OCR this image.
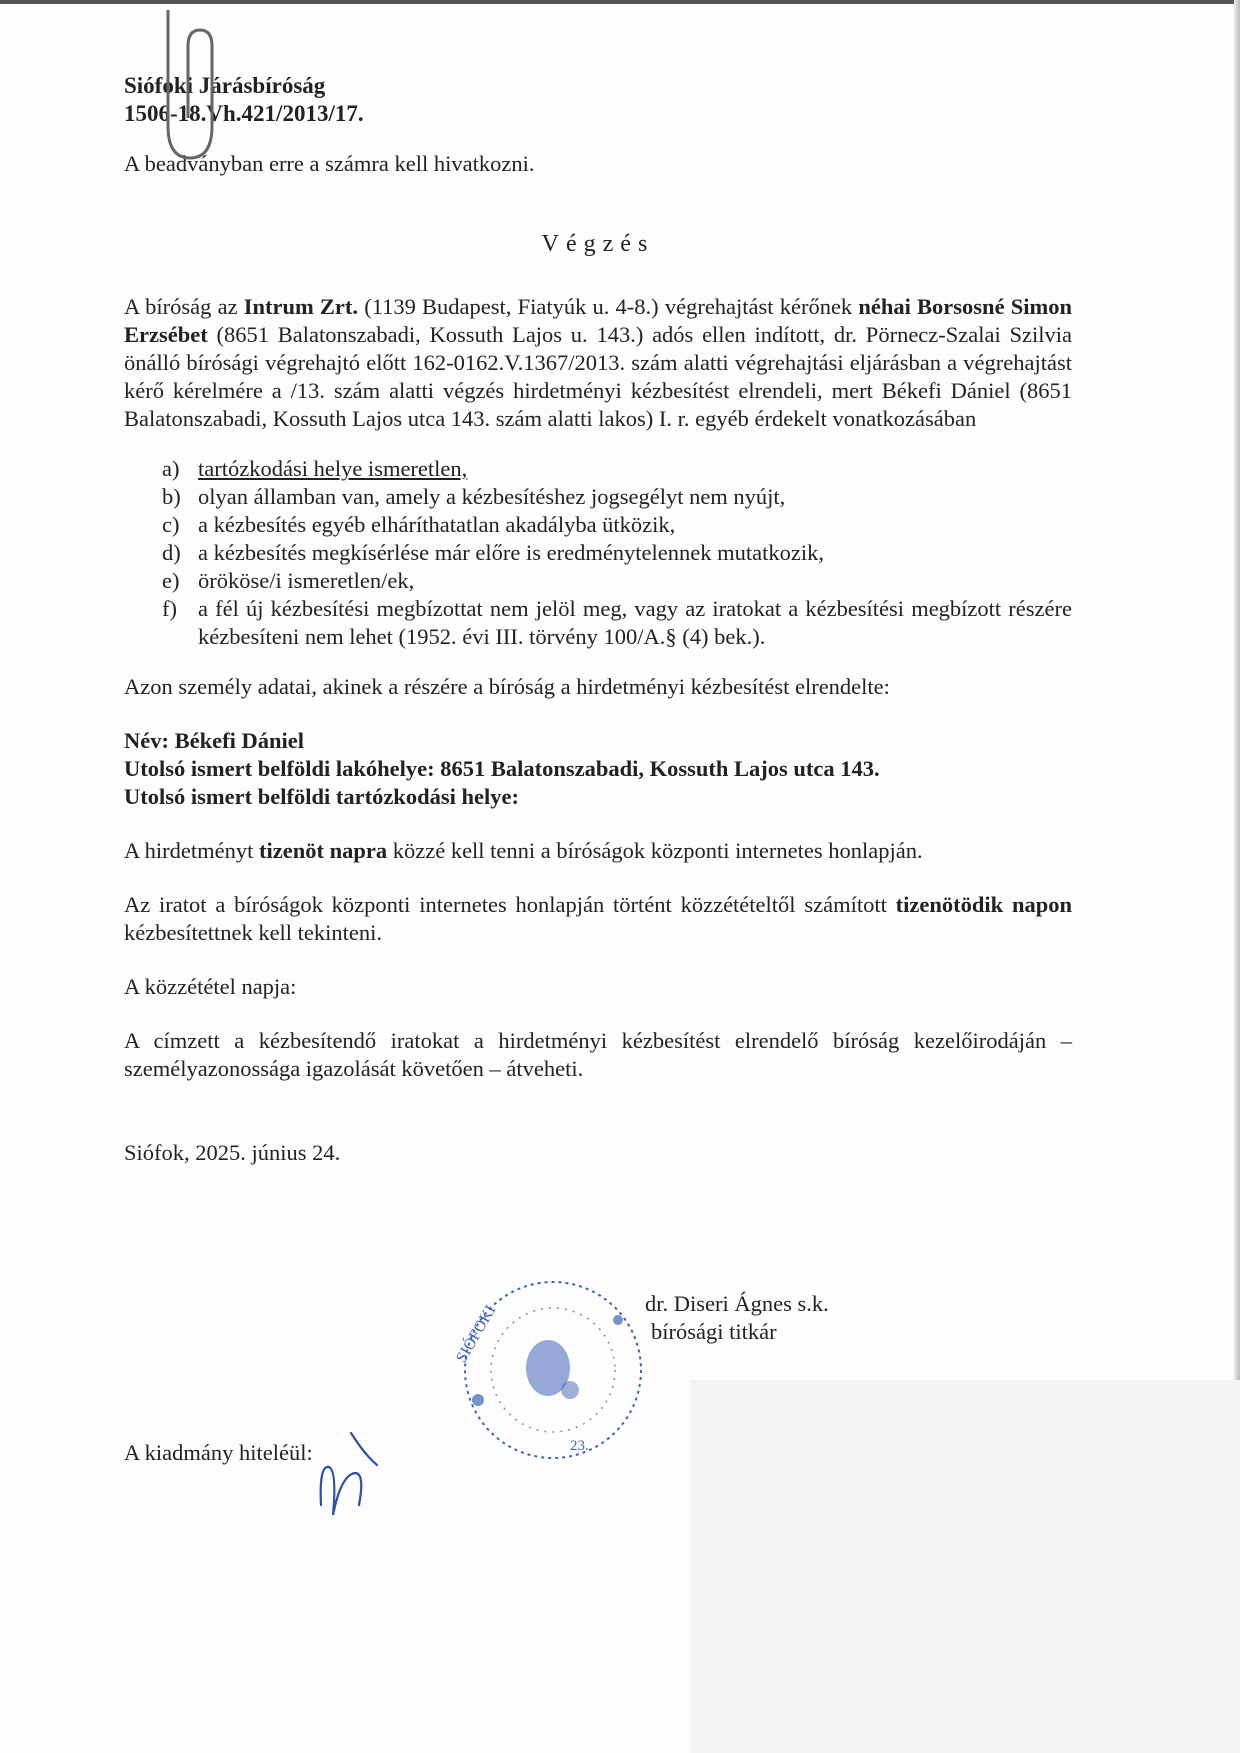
Siófoki Járásbíróság
1506-18.Vh.421/2013/17.
A beadványban erre a számra kell hivatkozni.
Végzés

A bíróság az Intrum Zrt. (1139 Budapest, Fiatyúk u. 4-8.) végrehajtást kérőnek néhai Borsosné Simon Erzsébet (8651 Balatonszabadi, Kossuth Lajos u. 143.) adós ellen indított, dr. Pörnecz-Szalai Szilvia önálló bírósági végrehajtó előtt 162-0162.V.1367/2013. szám alatti végrehajtási eljárásban a végrehajtást kérő kérelmére a /13. szám alatti végzés hirdetményi kézbesítést elrendeli, mert Békefi Dániel (8651 Balatonszabadi, Kossuth Lajos utca 143. szám alatti lakos) I. r. egyéb érdekelt vonatkozásában

a) tartózkodási helye ismeretlen,
b) olyan államban van, amely a kézbesítéshez jogsegélyt nem nyújt,
c) a kézbesítés egyéb elháríthatatlan akadályba ütközik,
d) a kézbesítés megkísérlése már előre is eredménytelennek mutatkozik,
e) örököse/i ismeretlen/ek,
f) a fél új kézbesítési megbízottat nem jelöl meg, vagy az iratokat a kézbesítési megbízott részére kézbesíteni nem lehet (1952. évi III. törvény 100/A.§ (4) bek.).

Azon személy adatai, akinek a részére a bíróság a hirdetményi kézbesítést elrendelte:

Név: Békefi Dániel
Utolsó ismert belföldi lakóhelye: 8651 Balatonszabadi, Kossuth Lajos utca 143.
Utolsó ismert belföldi tartózkodási helye:

A hirdetményt tizenöt napra közzé kell tenni a bíróságok központi internetes honlapján.

Az iratot a bíróságok központi internetes honlapján történt közzétételtől számított tizenötödik napon kézbesítettnek kell tekinteni.

A közzététel napja:

A címzett a kézbesítendő iratokat a hirdetményi kézbesítést elrendelő bíróság kezelőirodáján – személyazonossága igazolását követően – átveheti.

Siófok, 2025. június 24.

SIÓFOKI
23.
dr. Diseri Ágnes s.k.
bírósági titkár
A kiadmány hiteléül:
